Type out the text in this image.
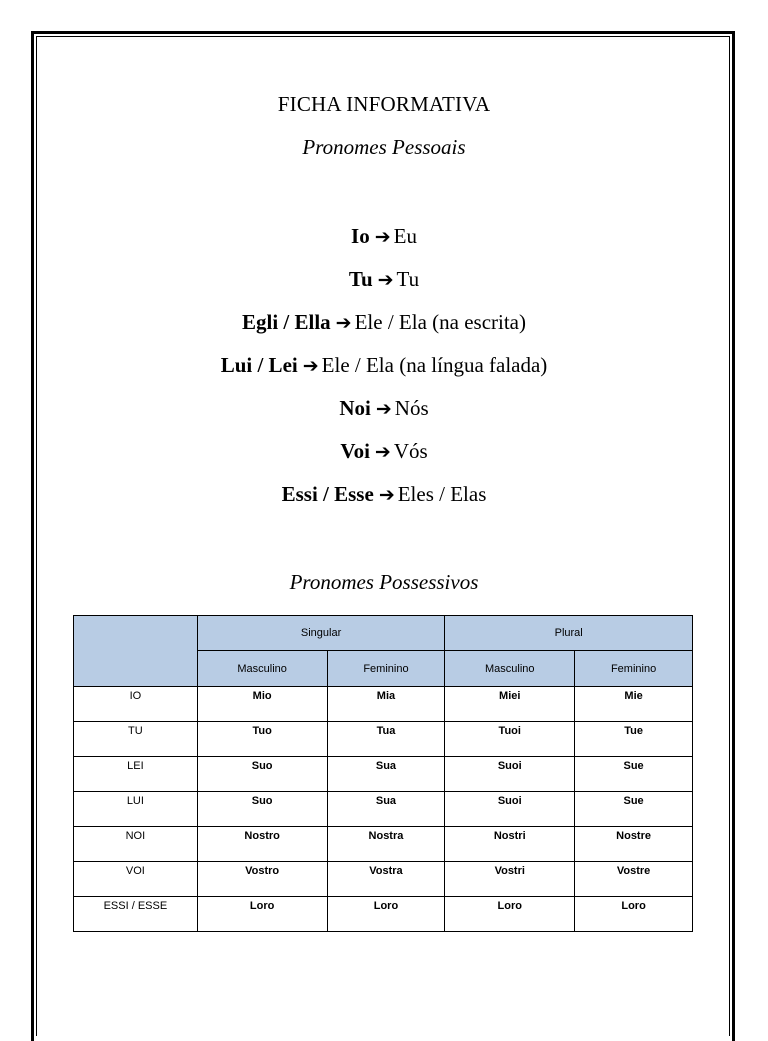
FICHA INFORMATIVA
Pronomes Pessoais
Io ➔ Eu
Tu ➔ Tu
Egli / Ella ➔ Ele / Ela (na escrita)
Lui / Lei ➔ Ele / Ela (na língua falada)
Noi ➔ Nós
Voi ➔ Vós
Essi / Esse ➔ Eles / Elas
Pronomes Possessivos
	Singular		Plural	
	Masculino	Feminino	Masculino	Feminino
IO	Mio	Mia	Miei	Mie
TU	Tuo	Tua	Tuoi	Tue
LEI	Suo	Sua	Suoi	Sue
LUI	Suo	Sua	Suoi	Sue
NOI	Nostro	Nostra	Nostri	Nostre
VOI	Vostro	Vostra	Vostri	Vostre
ESSI / ESSE	Loro	Loro	Loro	Loro
